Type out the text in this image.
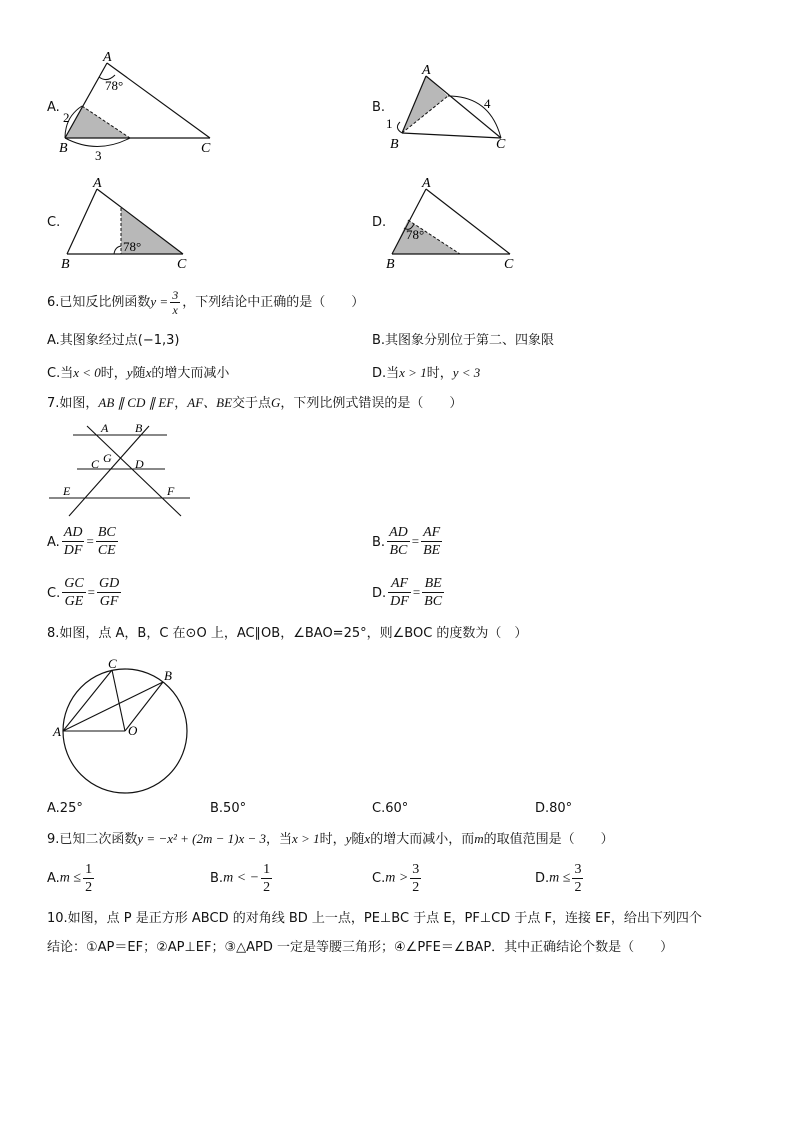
A.
A
B	C
78°
2
3
B.
A
B	C
1
4
C.
A
B	C
78°
D.
A
B	C
78°
6.已知反比例函数$y = \frac{3}{x}$ ，下列结论中正确的是（　　）
A.其图象经过点(−1,3)	B.其图象分别位于第二、四象限
C.当x < 0时，y随x的增大而减小	D.当x > 1时，y < 3
7.如图，AB ∥ CD ∥ EF，AF、BE交于点G，下列比例式错误的是（　　）
A B
C G D
E	F
A. $\frac{AD}{DF} = \frac{BC}{CE}$	B. $\frac{AD}{BC} = \frac{AF}{BE}$
C. $\frac{GC}{GE} = \frac{GD}{GF}$	D. $\frac{AF}{DF} = \frac{BE}{BC}$
8.如图，点 A，B，C 在⊙O 上，AC∥OB，∠BAO=25°，则∠BOC 的度数为（　）
C
B
A	O
A.25°	B.50°	C.60°	D.80°
9.已知二次函数y = −x² + (2m − 1)x − 3，当x > 1时，y随x的增大而减小，而m的取值范围是（　　）
$A.m \le \frac{1}{2}$	B.m < − $\frac{1}{2}$	$C.m > \frac{3}{2}$	$D.m \le \frac{3}{2}$
10.如图，点 P 是正方形 ABCD 的对角线 BD 上一点，PE⊥BC 于点 E，PF⊥CD 于点 F，连接 EF，给出下列四个
结论：①AP＝EF；②AP⊥EF；③△APD 一定是等腰三角形；④∠PFE＝∠BAP．其中正确结论个数是（　　）
